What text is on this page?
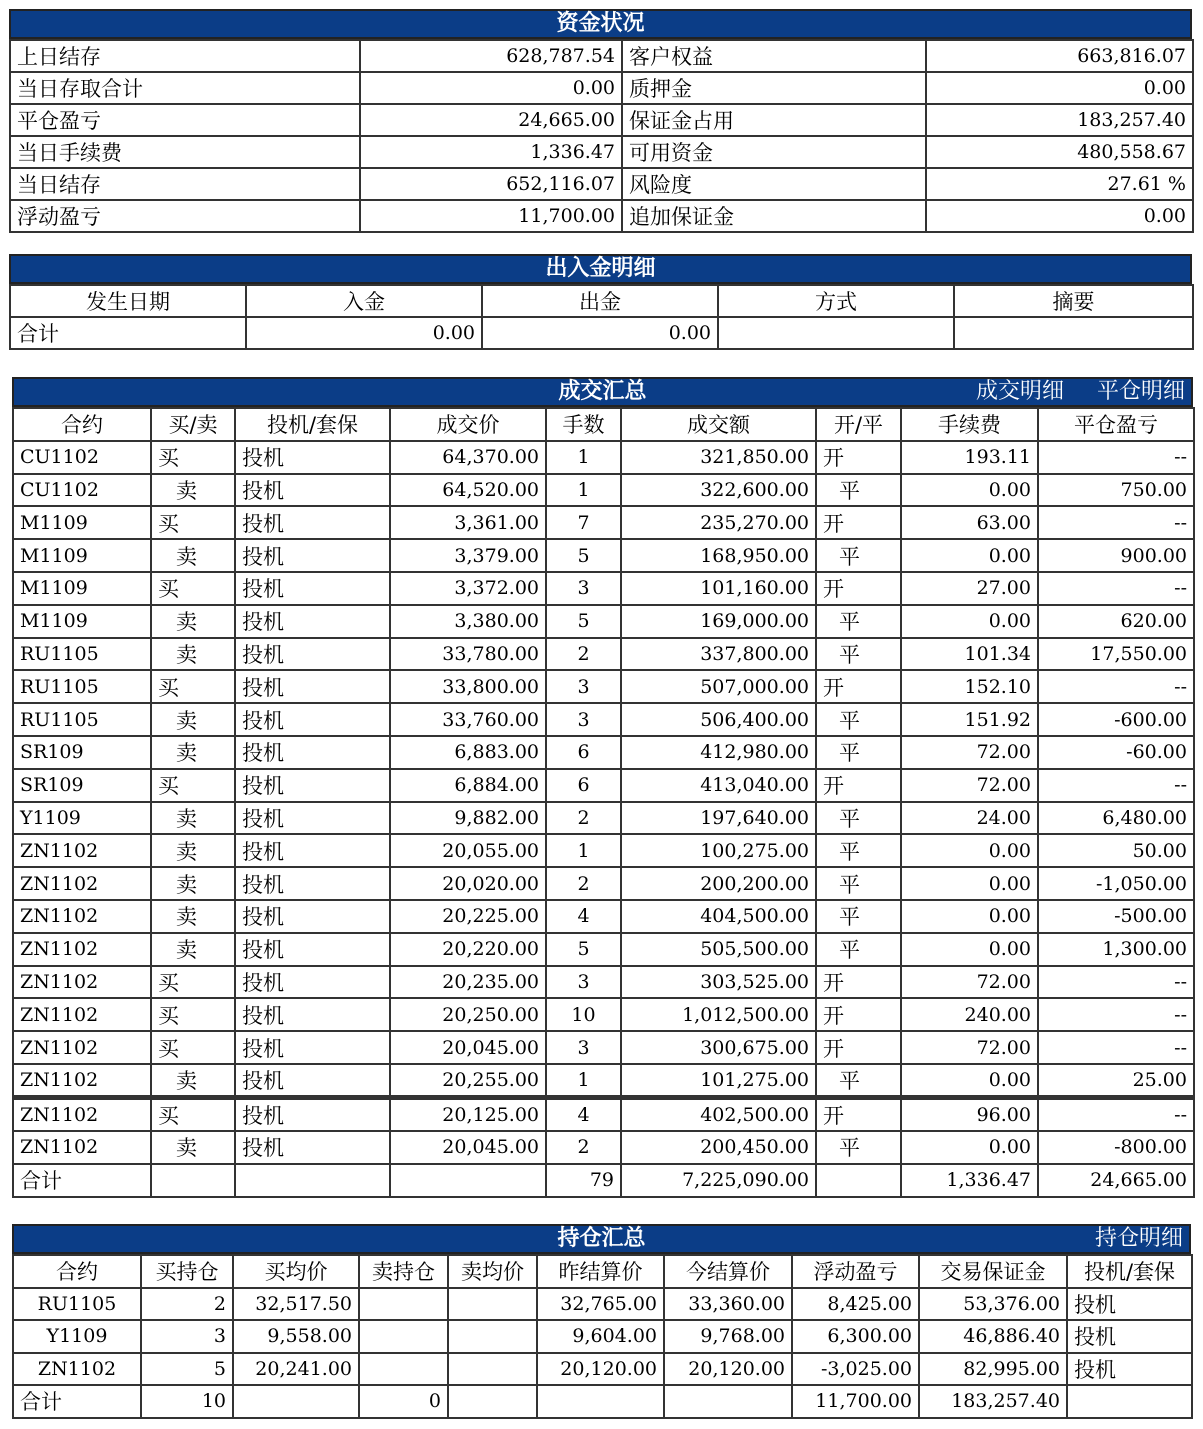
资金状况
上日结存	628,787.54	客户权益	663,816.07
当日存取合计	0.00	质押金	0.00
平仓盈亏	24,665.00	保证金占用	183,257.40
当日手续费	1,336.47	可用资金	480,558.67
当日结存	652,116.07	风险度	27.61 %
浮动盈亏	11,700.00	追加保证金	0.00
出入金明细
发生日期	入金	出金	方式	摘要
合计	0.00	0.00		
成交汇总	成交明细 平仓明细
合约	买/卖	投机/套保	成交价	手数	成交额	开/平	手续费	平仓盈亏
CU1102	买	投机	64,370.00	1	321,850.00	开	193.11	--
CU1102	卖	投机	64,520.00	1	322,600.00	平	0.00	750.00
M1109	买	投机	3,361.00	7	235,270.00	开	63.00	--
M1109	卖	投机	3,379.00	5	168,950.00	平	0.00	900.00
M1109	买	投机	3,372.00	3	101,160.00	开	27.00	--
M1109	卖	投机	3,380.00	5	169,000.00	平	0.00	620.00
RU1105	卖	投机	33,780.00	2	337,800.00	平	101.34	17,550.00
RU1105	买	投机	33,800.00	3	507,000.00	开	152.10	--
RU1105	卖	投机	33,760.00	3	506,400.00	平	151.92	-600.00
SR109	卖	投机	6,883.00	6	412,980.00	平	72.00	-60.00
SR109	买	投机	6,884.00	6	413,040.00	开	72.00	--
Y1109	卖	投机	9,882.00	2	197,640.00	平	24.00	6,480.00
ZN1102	卖	投机	20,055.00	1	100,275.00	平	0.00	50.00
ZN1102	卖	投机	20,020.00	2	200,200.00	平	0.00	-1,050.00
ZN1102	卖	投机	20,225.00	4	404,500.00	平	0.00	-500.00
ZN1102	卖	投机	20,220.00	5	505,500.00	平	0.00	1,300.00
ZN1102	买	投机	20,235.00	3	303,525.00	开	72.00	--
ZN1102	买	投机	20,250.00	10	1,012,500.00	开	240.00	--
ZN1102	买	投机	20,045.00	3	300,675.00	开	72.00	--
ZN1102	卖	投机	20,255.00	1	101,275.00	平	0.00	25.00
ZN1102	买	投机	20,125.00	4	402,500.00	开	96.00	--
ZN1102	卖	投机	20,045.00	2	200,450.00	平	0.00	-800.00
合计				79	7,225,090.00		1,336.47	24,665.00
持仓汇总	持仓明细
合约	买持仓	买均价	卖持仓	卖均价	昨结算价	今结算价	浮动盈亏	交易保证金	投机/套保
RU1105	2	32,517.50			32,765.00	33,360.00	8,425.00	53,376.00	投机
Y1109	3	9,558.00			9,604.00	9,768.00	6,300.00	46,886.40	投机
ZN1102	5	20,241.00			20,120.00	20,120.00	-3,025.00	82,995.00	投机
合计	10		0				11,700.00	183,257.40	
